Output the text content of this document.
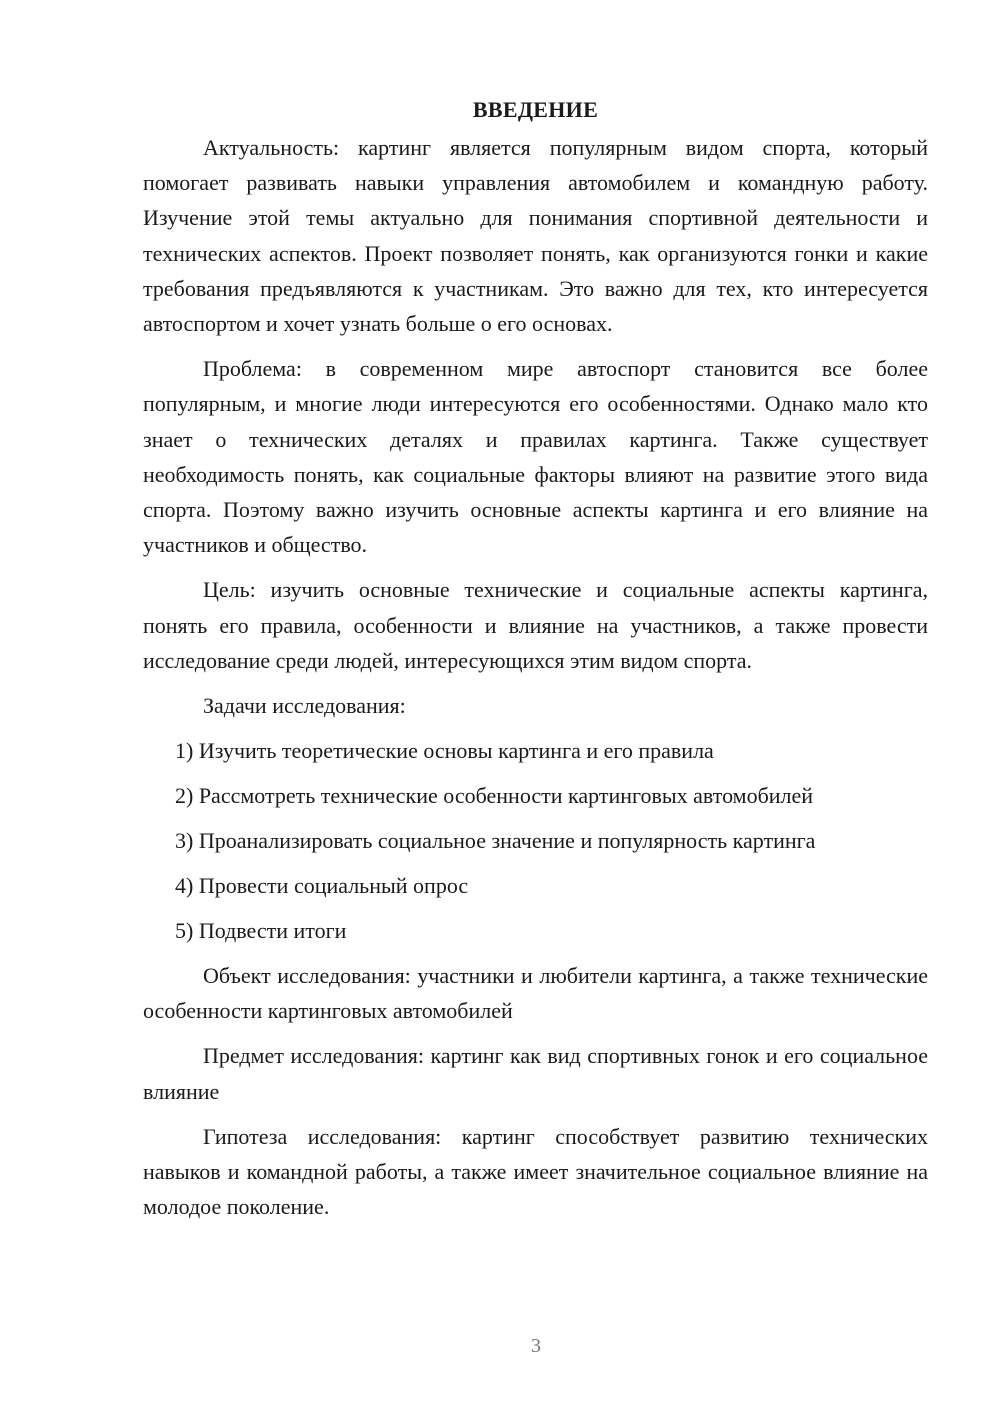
ВВЕДЕНИЕ

Актуальность: картинг является популярным видом спорта, который помогает развивать навыки управления автомобилем и командную работу. Изучение этой темы актуально для понимания спортивной деятельности и технических аспектов. Проект позволяет понять, как организуются гонки и какие требования предъявляются к участникам. Это важно для тех, кто интересуется автоспортом и хочет узнать больше о его основах.

Проблема: в современном мире автоспорт становится все более популярным, и многие люди интересуются его особенностями. Однако мало кто знает о технических деталях и правилах картинга. Также существует необходимость понять, как социальные факторы влияют на развитие этого вида спорта. Поэтому важно изучить основные аспекты картинга и его влияние на участников и общество.

Цель: изучить основные технические и социальные аспекты картинга, понять его правила, особенности и влияние на участников, а также провести исследование среди людей, интересующихся этим видом спорта.

Задачи исследования:
1) Изучить теоретические основы картинга и его правила
2) Рассмотреть технические особенности картинговых автомобилей
3) Проанализировать социальное значение и популярность картинга
4) Провести социальный опрос
5) Подвести итоги

Объект исследования: участники и любители картинга, а также технические особенности картинговых автомобилей

Предмет исследования: картинг как вид спортивных гонок и его социальное влияние

Гипотеза исследования: картинг способствует развитию технических навыков и командной работы, а также имеет значительное социальное влияние на молодое поколение.

3
